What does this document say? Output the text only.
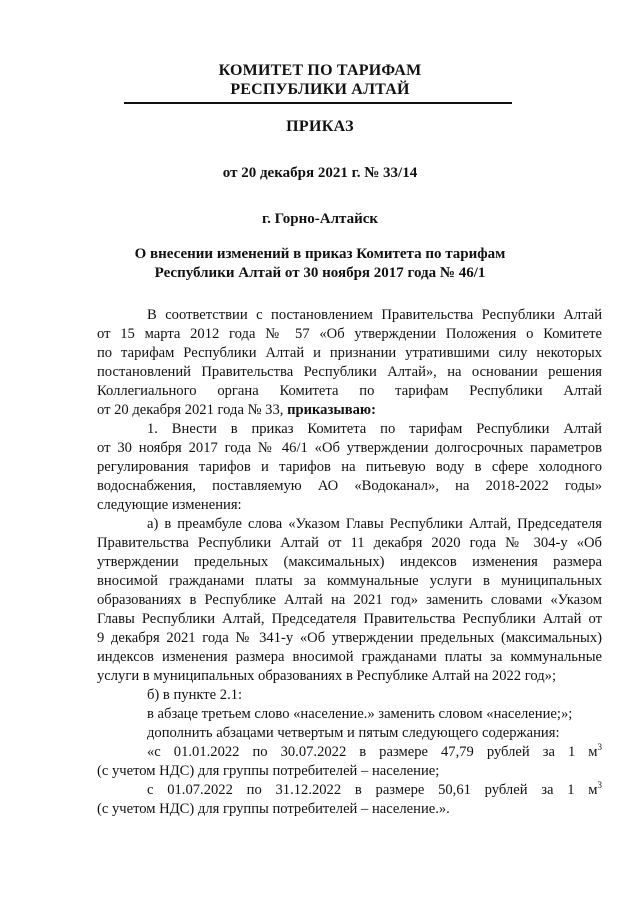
КОМИТЕТ ПО ТАРИФАМ
РЕСПУБЛИКИ АЛТАЙ
ПРИКАЗ
от 20 декабря 2021 г. № 33/14
г. Горно-Алтайск
О внесении изменений в приказ Комитета по тарифам
Республики Алтай от 30 ноября 2017 года № 46/1
В соответствии с постановлением Правительства Республики Алтай
от 15 марта 2012 года № 57 «Об утверждении Положения о Комитете
по тарифам Республики Алтай и признании утратившими силу некоторых
постановлений Правительства Республики Алтай», на основании решения
Коллегиального органа Комитета по тарифам Республики Алтай
от 20 декабря 2021 года № 33, приказываю:
1. Внести в приказ Комитета по тарифам Республики Алтай
от 30 ноября 2017 года № 46/1 «Об утверждении долгосрочных параметров
регулирования тарифов и тарифов на питьевую воду в сфере холодного
водоснабжения, поставляемую АО «Водоканал», на 2018-2022 годы»
следующие изменения:
а) в преамбуле слова «Указом Главы Республики Алтай, Председателя
Правительства Республики Алтай от 11 декабря 2020 года № 304-у «Об
утверждении предельных (максимальных) индексов изменения размера
вносимой гражданами платы за коммунальные услуги в муниципальных
образованиях в Республике Алтай на 2021 год» заменить словами «Указом
Главы Республики Алтай, Председателя Правительства Республики Алтай от
9 декабря 2021 года № 341-у «Об утверждении предельных (максимальных)
индексов изменения размера вносимой гражданами платы за коммунальные
услуги в муниципальных образованиях в Республике Алтай на 2022 год»;
б) в пункте 2.1:
в абзаце третьем слово «население.» заменить словом «население;»;
дополнить абзацами четвертым и пятым следующего содержания:
«с 01.01.2022 по 30.07.2022 в размере 47,79 рублей за 1 $м^3$
(с учетом НДС) для группы потребителей – население;
с 01.07.2022 по 31.12.2022 в размере 50,61 рублей за 1 $м^3$
(с учетом НДС) для группы потребителей – население.».
